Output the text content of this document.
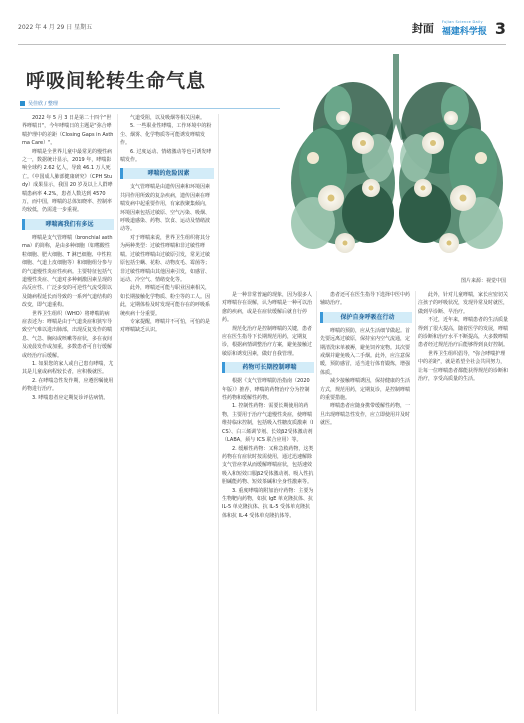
2022 年 4 月 29 日 星期五	封面
FuJian Science Daily
福建科学报 3
呼吸间轮转生命气息
吴佳欣 / 整理
图片来源：视觉中国

2022 年 5 月 3 日是第二十四个"世界哮喘日"，今年哮喘日的主题是"弥合哮喘护理中的差距（Closing Gaps in Asthma Care）"。

哮喘是全世界儿童中最常见的慢性病之一，数据统计显示，2019 年，哮喘影响全球约 2.62 亿人，导致 46.1 万人死亡。《中国成人肺部健康研究》（CPH Study）成果显示，我国 20 岁及以上人群哮喘患病率 4.2%，患者人数达到 4570 万，而中国，哮喘的总体知晓率、控制率均较低，仍需进一步重视。

哮喘离我们有多远

哮喘是支气管哮喘（bronchial asthma）的简称，是由多种细胞（如嗜酸性粒细胞、肥大细胞、T 淋巴细胞、中性粒细胞、气道上皮细胞等）和细胞组分参与的气道慢性炎症性疾病。主要特征包括气道慢性炎症、气道对多种刺激因素呈现的高反应性、广泛多变的可逆性气流受限以及随病程延长而导致的一系列气道结构的改变，即气道重构。

世界卫生组织（WHO）将哮喘的病症表述为：哮喘是由于气道炎症和狭窄导致空气难以进出肺部，出现反复发作的喘息、气急、胸闷或咳嗽等症状，多在夜间及凌晨发作或加重，多数患者可自行缓解或经治疗后缓解。

1. 如果您的家人或自己患有哮喘，尤其是儿童或病程较长者，应积极就医。

2. 在哮喘急性发作期，应遵医嘱使用药物进行治疗。

3. 哮喘患者应定期复诊评估病情。

气道受阻，以及吸烟等相关因素。

5. 一些职业性哮喘，工作环境中的粉尘、烟雾、化学物质等可能诱发哮喘发作。

6. 过度运动、情绪激动等也可诱发哮喘发作。

哮喘的危险因素

支气管哮喘是由遗传因素和环境因素共同作用所致的复杂疾病，遗传因素在哮喘发病中起重要作用，有家族聚集倾向，环境因素包括过敏原、空气污染、吸烟、呼吸道感染、药物、饮食、运动及情绪波动等。

对于哮喘来说，世界卫生组织将其分为两种类型：过敏性哮喘和非过敏性哮喘。过敏性哮喘由过敏原引发，常见过敏原包括尘螨、花粉、动物皮毛、霉菌等；非过敏性哮喘由其他因素引发，如感冒、运动、冷空气、情绪变化等。

此外，哮喘还可能与职业因素相关，如长期接触化学物质、粉尘等的工人。因此，定期体检及时发现可能存在的呼吸系统疾病十分重要。

专家提醒，哮喘并不可怕，可怕的是对哮喘缺乏认识。

是一种非常普遍的现象，因为很多人对哮喘存在误解，认为哮喘是一种可以治愈的疾病，或是在症状缓解后就自行停药。

规范化治疗是控制哮喘的关键，患者应在医生指导下长期规范用药，定期复诊，根据病情调整治疗方案，避免接触过敏原和诱发因素，做好自我管理。

药物可长期控制哮喘

根据《支气管哮喘防治指南（2020年版）》推荐，哮喘的药物治疗分为控制性药物和缓解性药物。

1. 控制性药物：需要长期使用的药物，主要用于治疗气道慢性炎症，使哮喘维持临床控制，包括吸入性糖皮质激素（ICS）、白三烯调节剂、长效β2受体激动剂（LABA，须与 ICS 联合应用）等。

2. 缓解性药物：又称急救药物，这类药物在有症状时按需使用，通过迅速解除支气管痉挛从而缓解哮喘症状，包括速效吸入和短效口服β2受体激动剂、吸入性抗胆碱能药物、短效茶碱和全身性激素等。

3. 重度哮喘的附加治疗药物：主要为生物靶向药物，如抗 IgE 单克隆抗体、抗 IL-5 单克隆抗体、抗 IL-5 受体单克隆抗体和抗 IL-4 受体单克隆抗体等。

患者还可在医生指导下选择中医中药辅助治疗。

保护自身呼吸在行动

哮喘的预防，应从生活细节做起。首先要远离过敏原，保持室内空气流通，定期清洗床单被褥，避免饲养宠物。其次要戒烟并避免吸入二手烟。此外，应注意保暖，预防感冒，适当进行体育锻炼，增强体质。

减少接触哮喘诱因，保持健康的生活方式，规范用药，定期复诊，是控制哮喘的重要措施。

哮喘患者应随身携带缓解性药物，一旦出现哮喘急性发作，应立即使用并及时就医。

此外，针对儿童哮喘，家长应密切关注孩子的呼吸状况，发现异常及时就医，做到早诊断、早治疗。

不过，近年来，哮喘患者的生活质量得到了很大提高，随着医学的发展，哮喘的诊断和治疗水平不断提高，大多数哮喘患者经过规范治疗后能够得到良好控制。

世界卫生组织倡导，"弥合哮喘护理中的差距"，就是希望全社会共同努力，让每一位哮喘患者都能获得规范的诊断和治疗，享受高质量的生活。
